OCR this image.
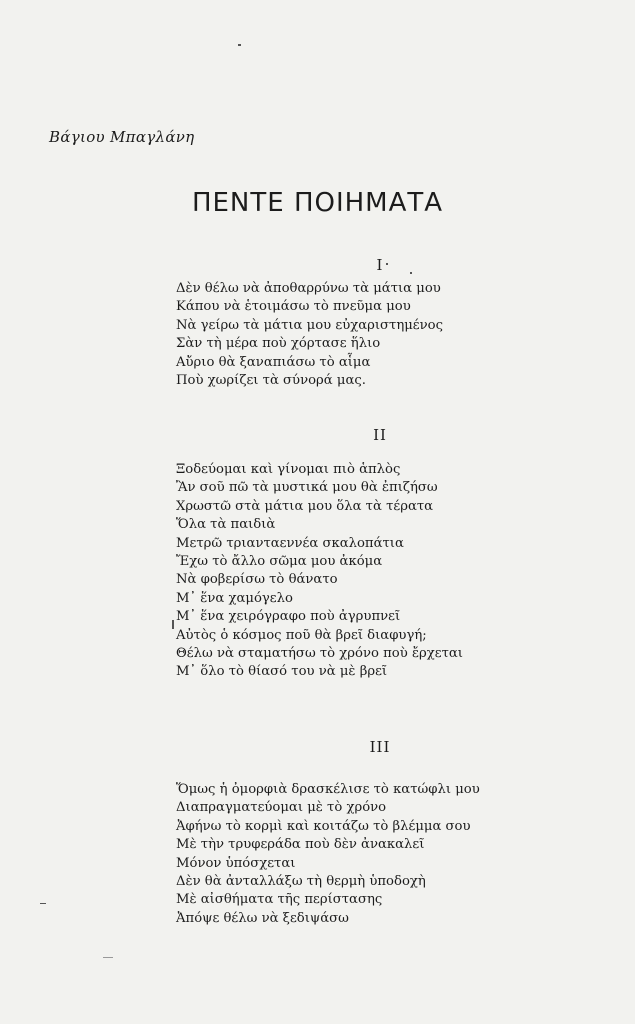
Βάγιου Μπαγλάνη
ΠΕΝΤΕ ΠΟΙΗΜΑΤΑ
I
Δὲν θέλω νὰ ἀποθαρρύνω τὰ μάτια μου
Κάπου νὰ ἑτοιμάσω τὸ πνεῦμα μου
Νὰ γείρω τὰ μάτια μου εὐχαριστημένος
Σὰν τὴ μέρα ποὺ χόρτασε ἥλιο
Αὔριο θὰ ξαναπιάσω τὸ αἷμα
Ποὺ χωρίζει τὰ σύνορά μας.
II
Ξοδεύομαι καὶ γίνομαι πιὸ ἁπλὸς
Ἂν σοῦ πῶ τὰ μυστικά μου θὰ ἐπιζήσω
Χρωστῶ στὰ μάτια μου ὅλα τὰ τέρατα
Ὅλα τὰ παιδιὰ
Μετρῶ τριανταεννέα σκαλοπάτια
Ἔχω τὸ ἄλλο σῶμα μου ἀκόμα
Νὰ φοβερίσω τὸ θάνατο
Μ᾿ ἕνα χαμόγελο
Μ᾿ ἕνα χειρόγραφο ποὺ ἀγρυπνεῖ
Αὐτὸς ὁ κόσμος ποῦ θὰ βρεῖ διαφυγή;
Θέλω νὰ σταματήσω τὸ χρόνο ποὺ ἔρχεται
Μ᾿ ὅλο τὸ θίασό του νὰ μὲ βρεῖ
III
Ὅμως ἡ ὀμορφιὰ δρασκέλισε τὸ κατώφλι μου
Διαπραγματεύομαι μὲ τὸ χρόνο
Ἀφήνω τὸ κορμὶ καὶ κοιτάζω τὸ βλέμμα σου
Μὲ τὴν τρυφεράδα ποὺ δὲν ἀνακαλεῖ
Μόνον ὑπόσχεται
Δὲν θὰ ἀνταλλάξω τὴ θερμὴ ὑποδοχὴ
Μὲ αἰσθήματα τῆς περίστασης
Ἀπόψε θέλω νὰ ξεδιψάσω
